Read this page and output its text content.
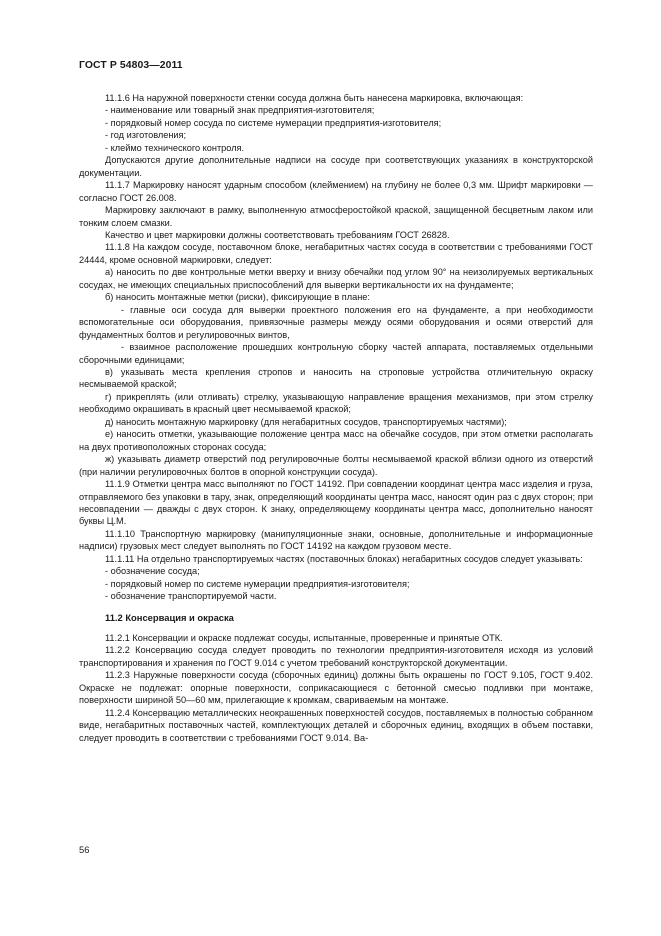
ГОСТ Р 54803—2011

11.1.6 На наружной поверхности стенки сосуда должна быть нанесена маркировка, включающая:

- наименование или товарный знак предприятия-изготовителя;

- порядковый номер сосуда по системе нумерации предприятия-изготовителя;

- год изготовления;

- клеймо технического контроля.

Допускаются другие дополнительные надписи на сосуде при соответствующих указаниях в конструкторской документации.

11.1.7 Маркировку наносят ударным способом (клеймением) на глубину не более 0,3 мм. Шрифт маркировки — согласно ГОСТ 26.008.

Маркировку заключают в рамку, выполненную атмосферостойкой краской, защищенной бесцветным лаком или тонким слоем смазки.

Качество и цвет маркировки должны соответствовать требованиям ГОСТ 26828.

11.1.8 На каждом сосуде, поставочном блоке, негабаритных частях сосуда в соответствии с требованиями ГОСТ 24444, кроме основной маркировки, следует:

а) наносить по две контрольные метки вверху и внизу обечайки под углом 90° на неизолируемых вертикальных сосудах, не имеющих специальных приспособлений для выверки вертикальности их на фундаменте;

б) наносить монтажные метки (риски), фиксирующие в плане:

- главные оси сосуда для выверки проектного положения его на фундаменте, а при необходимости вспомогательные оси оборудования, привязочные размеры между осями оборудования и осями отверстий для фундаментных болтов и регулировочных винтов,

- взаимное расположение прошедших контрольную сборку частей аппарата, поставляемых отдельными сборочными единицами;

в) указывать места крепления стропов и наносить на строповые устройства отличительную окраску несмываемой краской;

г) прикреплять (или отливать) стрелку, указывающую направление вращения механизмов, при этом стрелку необходимо окрашивать в красный цвет несмываемой краской;

д) наносить монтажную маркировку (для негабаритных сосудов, транспортируемых частями);

е) наносить отметки, указывающие положение центра масс на обечайке сосудов, при этом отметки располагать на двух противоположных сторонах сосуда;

ж) указывать диаметр отверстий под регулировочные болты несмываемой краской вблизи одного из отверстий (при наличии регулировочных болтов в опорной конструкции сосуда).

11.1.9 Отметки центра масс выполняют по ГОСТ 14192. При совпадении координат центра масс изделия и груза, отправляемого без упаковки в тару, знак, определяющий координаты центра масс, наносят один раз с двух сторон; при несовпадении — дважды с двух сторон. К знаку, определяющему координаты центра масс, дополнительно наносят буквы Ц.М.

11.1.10 Транспортную маркировку (манипуляционные знаки, основные, дополнительные и информационные надписи) грузовых мест следует выполнять по ГОСТ 14192 на каждом грузовом месте.

11.1.11 На отдельно транспортируемых частях (поставочных блоках) негабаритных сосудов следует указывать:

- обозначение сосуда;

- порядковый номер по системе нумерации предприятия-изготовителя;

- обозначение транспортируемой части.

11.2 Консервация и окраска

11.2.1 Консервации и окраске подлежат сосуды, испытанные, проверенные и принятые ОТК.

11.2.2 Консервацию сосуда следует проводить по технологии предприятия-изготовителя исходя из условий транспортирования и хранения по ГОСТ 9.014 с учетом требований конструкторской документации.

11.2.3 Наружные поверхности сосуда (сборочных единиц) должны быть окрашены по ГОСТ 9.105, ГОСТ 9.402. Окраске не подлежат: опорные поверхности, соприкасающиеся с бетонной смесью подливки при монтаже, поверхности шириной 50—60 мм, прилегающие к кромкам, свариваемым на монтаже.

11.2.4 Консервацию металлических неокрашенных поверхностей сосудов, поставляемых в полностью собранном виде, негабаритных поставочных частей, комплектующих деталей и сборочных единиц, входящих в объем поставки, следует проводить в соответствии с требованиями ГОСТ 9.014. Ва-

56
